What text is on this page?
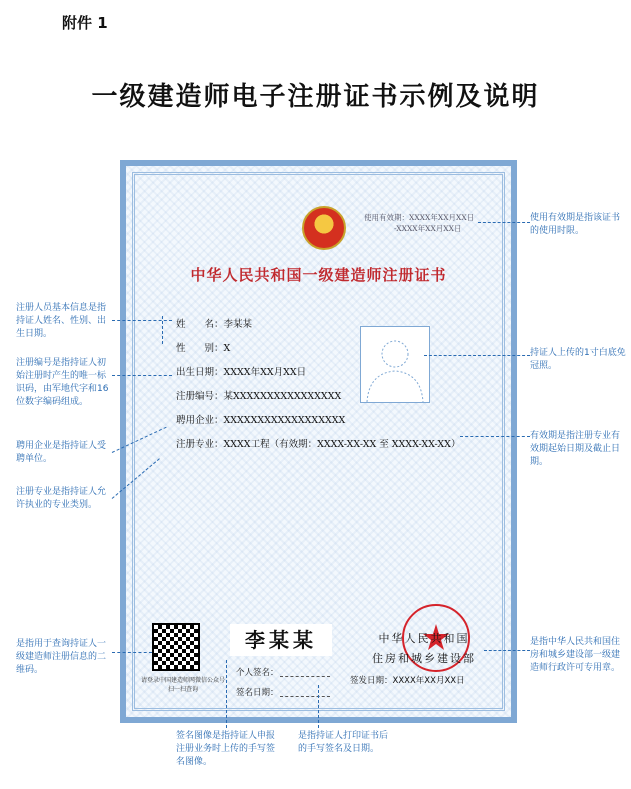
附件 1
一级建造师电子注册证书示例及说明
使用有效期：XXXX年XX月XX日
-XXXX年XX月XX日
中华人民共和国一级建造师注册证书
姓　　名：李某某
性　　别：X
出生日期：XXXX年XX月XX日
注册编号：某XXXXXXXXXXXXXXXX
聘用企业：XXXXXXXXXXXXXXXXXX
注册专业：XXXX工程（有效期：XXXX-XX-XX 至 XXXX-XX-XX）
请登录中国建造师网微信公众号扫一扫查询
李某某
个人签名：
签名日期：
中华人民共和国
住房和城乡建设部
签发日期：XXXX年XX月XX日
注册人员基本信息是指持证人姓名、性别、出生日期。
注册编号是指持证人初始注册时产生的唯一标识码，由军地代字和16位数字编码组成。
聘用企业是指持证人受聘单位。
注册专业是指持证人允许执业的专业类别。
是指用于查询持证人一级建造师注册信息的二维码。
使用有效期是指该证书的使用时限。
持证人上传的1寸白底免冠照。
有效期是指注册专业有效期起始日期及截止日期。
是指中华人民共和国住房和城乡建设部一级建造师行政许可专用章。
签名图像是指持证人申报注册业务时上传的手写签名图像。
是指持证人打印证书后的手写签名及日期。
